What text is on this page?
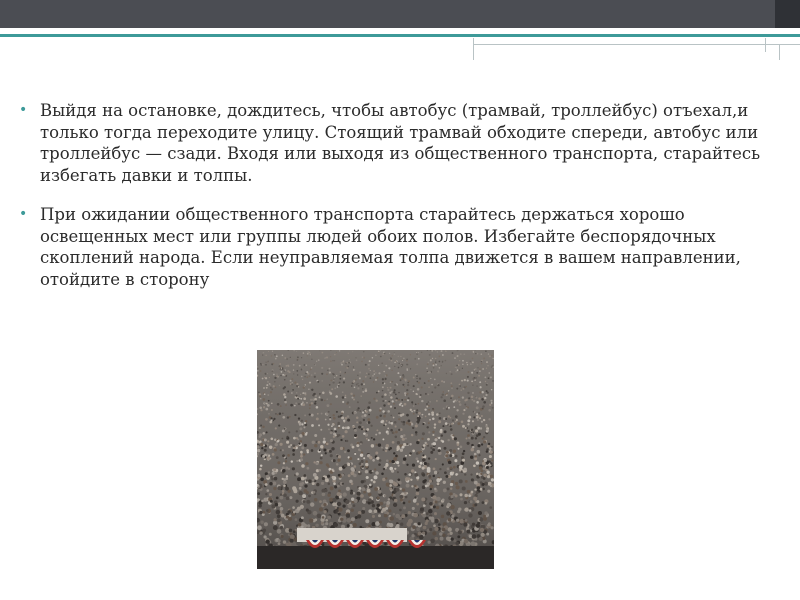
• Выйдя на остановке, дождитесь, чтобы автобус (трамвай, троллейбус) отъехал,и только тогда переходите улицу. Стоящий трамвай обходите спереди, автобус или троллейбус — сзади. Входя или выходя из общественного транспорта, старайтесь избегать давки и толпы.
• При ожидании общественного транспорта старайтесь держаться хорошо освещенных мест или группы людей обоих полов. Избегайте беспорядочных скоплений народа. Если неуправляемая толпа движется в вашем направлении, отойдите в сторону
